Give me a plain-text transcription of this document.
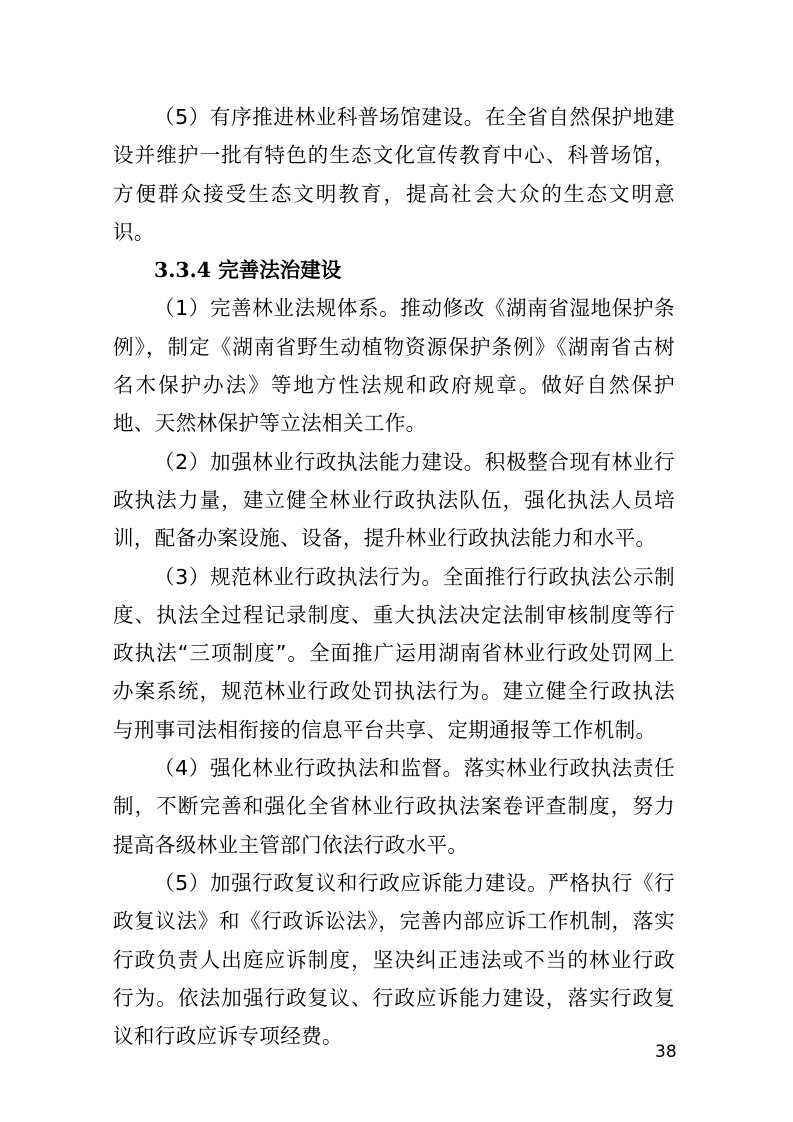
（5）有序推进林业科普场馆建设。在全省自然保护地建设并维护一批有特色的生态文化宣传教育中心、科普场馆，方便群众接受生态文明教育，提高社会大众的生态文明意识。

3.3.4 完善法治建设

（1）完善林业法规体系。推动修改《湖南省湿地保护条例》，制定《湖南省野生动植物资源保护条例》《湖南省古树名木保护办法》等地方性法规和政府规章。做好自然保护地、天然林保护等立法相关工作。

（2）加强林业行政执法能力建设。积极整合现有林业行政执法力量，建立健全林业行政执法队伍，强化执法人员培训，配备办案设施、设备，提升林业行政执法能力和水平。

（3）规范林业行政执法行为。全面推行行政执法公示制度、执法全过程记录制度、重大执法决定法制审核制度等行政执法“三项制度”。全面推广运用湖南省林业行政处罚网上办案系统，规范林业行政处罚执法行为。建立健全行政执法与刑事司法相衔接的信息平台共享、定期通报等工作机制。

（4）强化林业行政执法和监督。落实林业行政执法责任制，不断完善和强化全省林业行政执法案卷评查制度，努力提高各级林业主管部门依法行政水平。

（5）加强行政复议和行政应诉能力建设。严格执行《行政复议法》和《行政诉讼法》，完善内部应诉工作机制，落实行政负责人出庭应诉制度，坚决纠正违法或不当的林业行政行为。依法加强行政复议、行政应诉能力建设，落实行政复议和行政应诉专项经费。

38
